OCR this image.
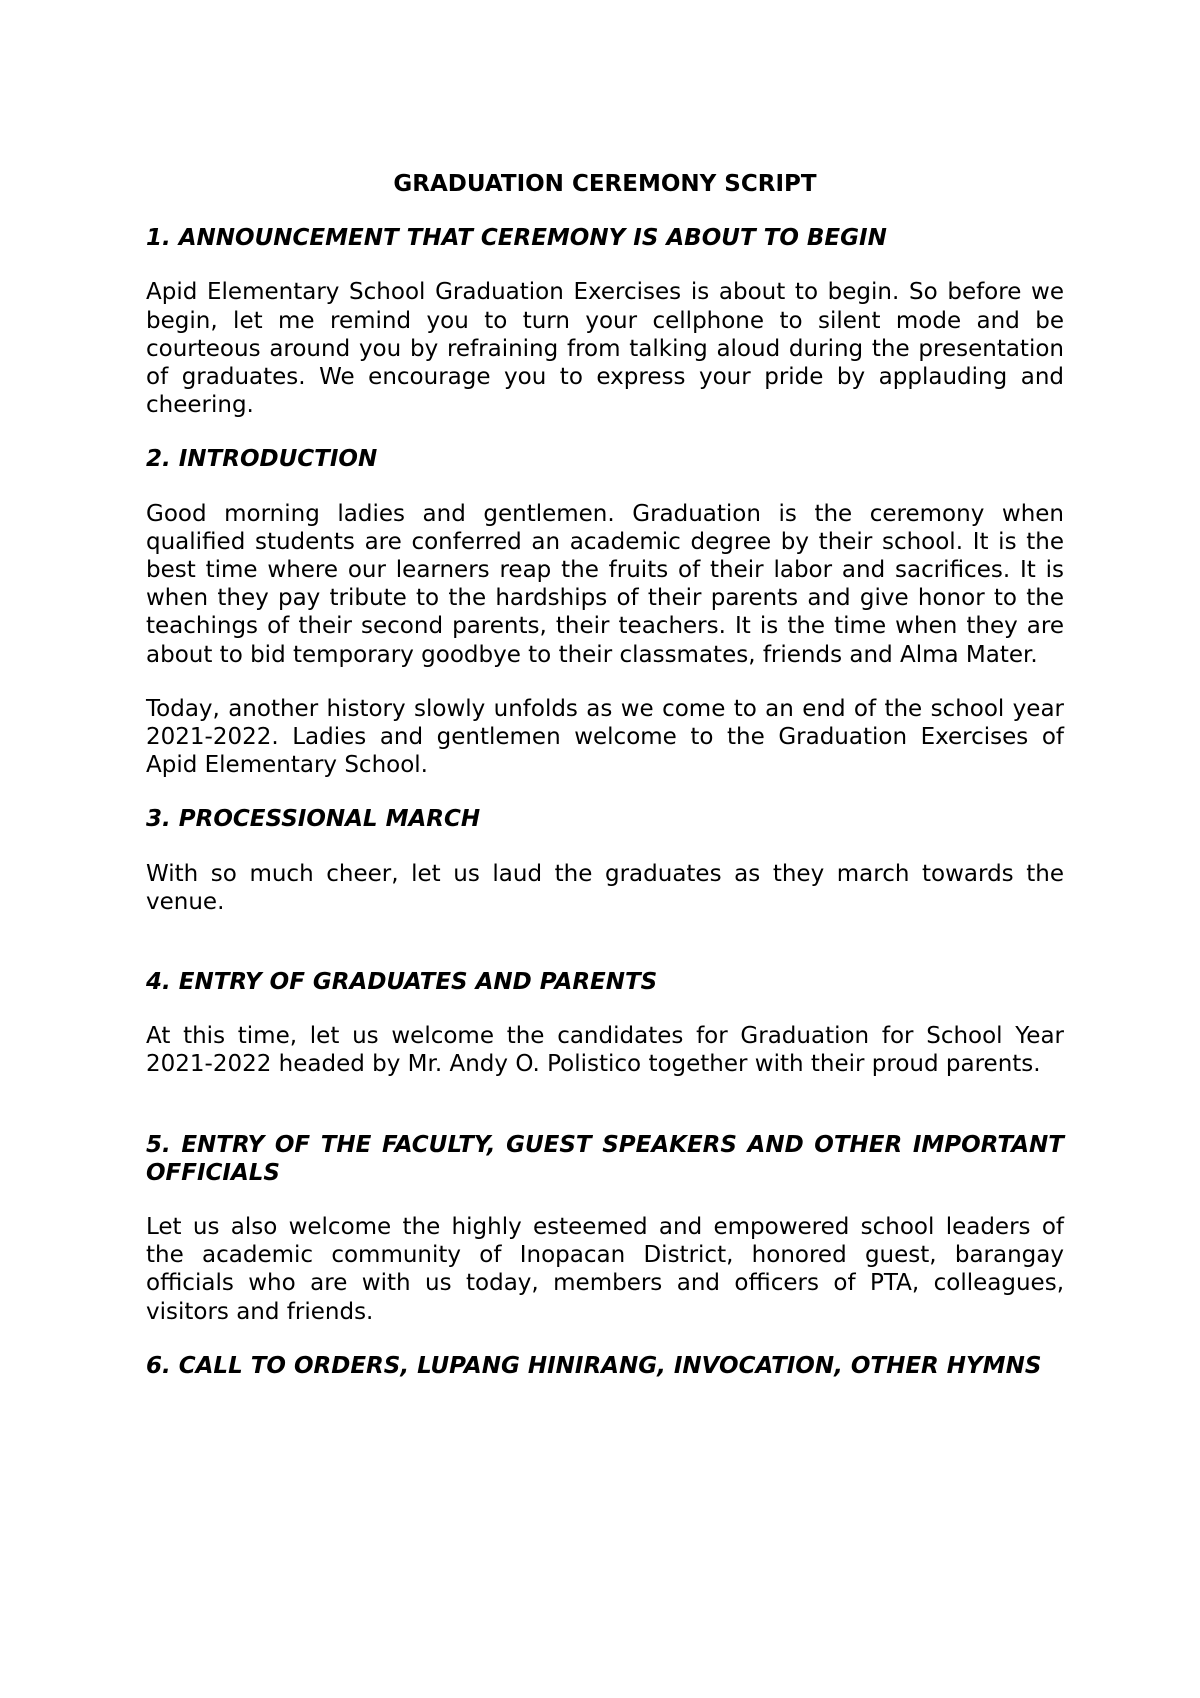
GRADUATION CEREMONY SCRIPT

1. ANNOUNCEMENT THAT CEREMONY IS ABOUT TO BEGIN

Apid Elementary School Graduation Exercises is about to begin. So before we begin, let me remind you to turn your cellphone to silent mode and be courteous around you by refraining from talking aloud during the presentation of graduates. We encourage you to express your pride by applauding and cheering.

2. INTRODUCTION

Good morning ladies and gentlemen. Graduation is the ceremony when qualified students are conferred an academic degree by their school. It is the best time where our learners reap the fruits of their labor and sacrifices. It is when they pay tribute to the hardships of their parents and give honor to the teachings of their second parents, their teachers. It is the time when they are about to bid temporary goodbye to their classmates, friends and Alma Mater.

Today, another history slowly unfolds as we come to an end of the school year 2021-2022. Ladies and gentlemen welcome to the Graduation Exercises of Apid Elementary School.

3. PROCESSIONAL MARCH

With so much cheer, let us laud the graduates as they march towards the venue.

4. ENTRY OF GRADUATES AND PARENTS

At this time, let us welcome the candidates for Graduation for School Year 2021-2022 headed by Mr. Andy O. Polistico together with their proud parents.

5. ENTRY OF THE FACULTY, GUEST SPEAKERS AND OTHER IMPORTANT OFFICIALS

Let us also welcome the highly esteemed and empowered school leaders of the academic community of Inopacan District, honored guest, barangay officials who are with us today, members and officers of PTA, colleagues, visitors and friends.

6. CALL TO ORDERS, LUPANG HINIRANG, INVOCATION, OTHER HYMNS
